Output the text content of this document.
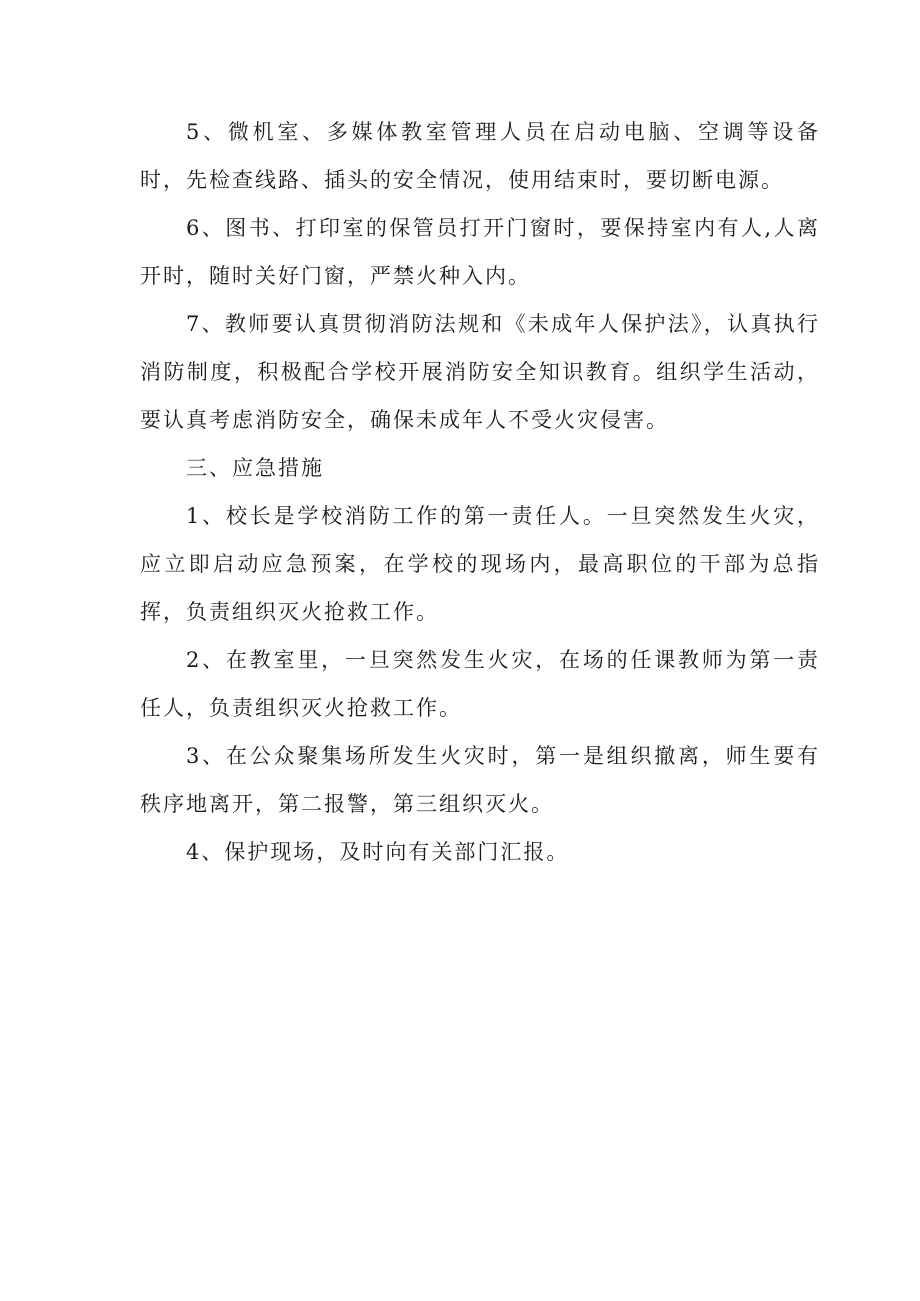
5、微机室、多媒体教室管理人员在启动电脑、空调等设备时，先检查线路、插头的安全情况，使用结束时，要切断电源。

6、图书、打印室的保管员打开门窗时，要保持室内有人,人离开时，随时关好门窗，严禁火种入内。

7、教师要认真贯彻消防法规和《未成年人保护法》，认真执行消防制度，积极配合学校开展消防安全知识教育。组织学生活动，要认真考虑消防安全，确保未成年人不受火灾侵害。

三、应急措施

1、校长是学校消防工作的第一责任人。一旦突然发生火灾，应立即启动应急预案，在学校的现场内，最高职位的干部为总指挥，负责组织灭火抢救工作。

2、在教室里，一旦突然发生火灾，在场的任课教师为第一责任人，负责组织灭火抢救工作。

3、在公众聚集场所发生火灾时，第一是组织撤离，师生要有秩序地离开，第二报警，第三组织灭火。

4、保护现场，及时向有关部门汇报。
